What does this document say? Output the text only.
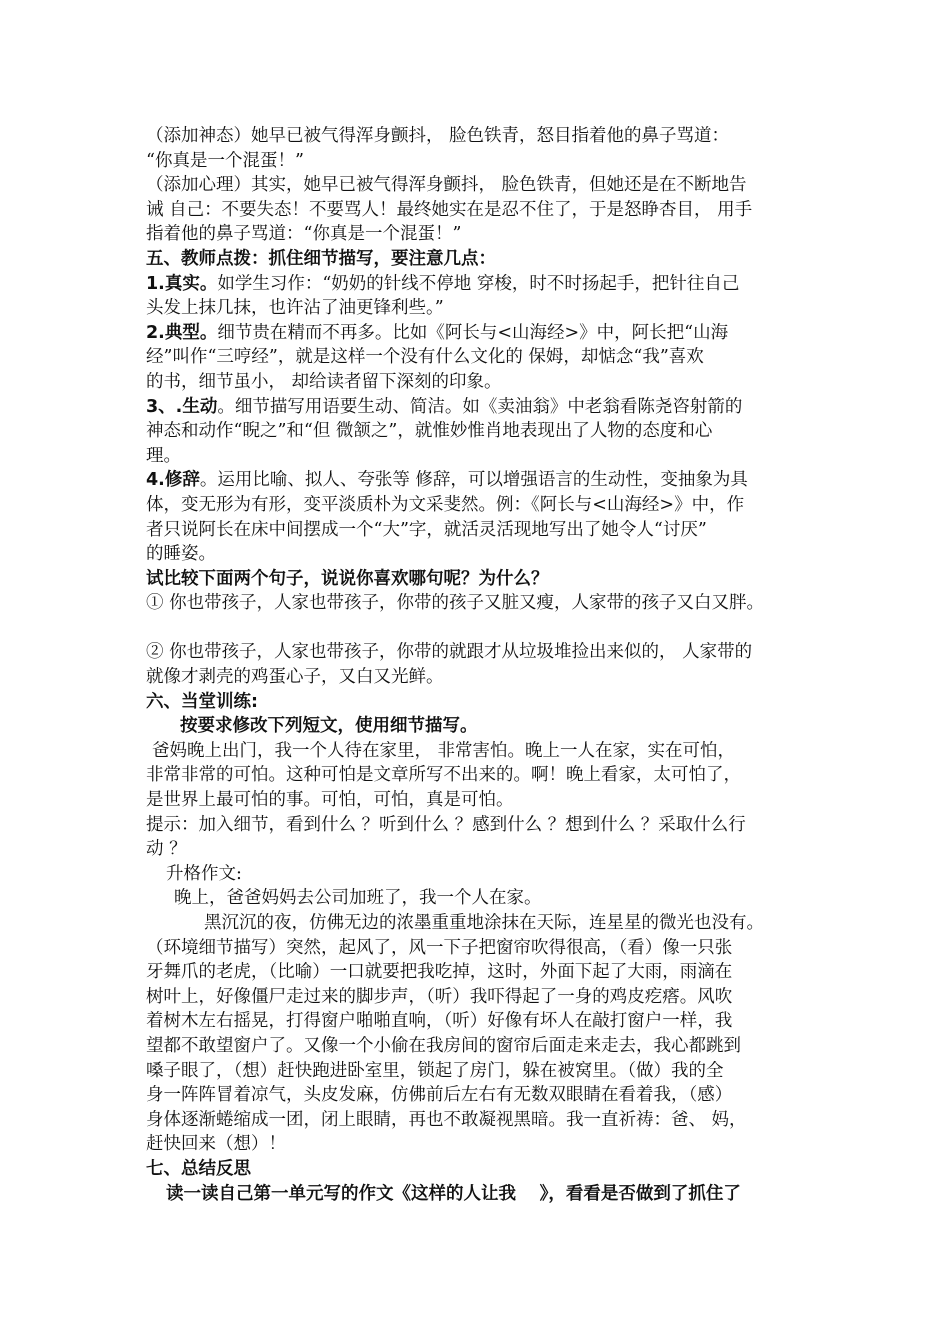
（添加神态）她早已被气得浑身颤抖， 脸色铁青，怒目指着他的鼻子骂道：
“你真是一个混蛋！”
（添加心理）其实，她早已被气得浑身颤抖， 脸色铁青，但她还是在不断地告
诫 自己：不要失态！不要骂人！最终她实在是忍不住了，于是怒睁杏目， 用手
指着他的鼻子骂道：“你真是一个混蛋！”
五、教师点拨：抓住细节描写，要注意几点：
1.真实。如学生习作：“奶奶的针线不停地 穿梭，时不时扬起手，把针往自己
头发上抹几抹，也许沾了油更锋利些。”
2.典型。细节贵在精而不再多。比如《阿长与<山海经>》中，阿长把“山海
经”叫作“三哼经”，就是这样一个没有什么文化的 保姆，却惦念“我”喜欢
的书，细节虽小， 却给读者留下深刻的印象。
3、.生动。细节描写用语要生动、简洁。如《卖油翁》中老翁看陈尧咨射箭的
神态和动作“睨之”和“但 微颔之”，就惟妙惟肖地表现出了人物的态度和心
理。
4.修辞。运用比喻、拟人、夸张等 修辞，可以增强语言的生动性，变抽象为具
体，变无形为有形，变平淡质朴为文采斐然。例：《阿长与<山海经>》中，作
者只说阿长在床中间摆成一个“大”字，就活灵活现地写出了她令人“讨厌”
的睡姿。
试比较下面两个句子，说说你喜欢哪句呢？为什么？
① 你也带孩子，人家也带孩子，你带的孩子又脏又瘦，人家带的孩子又白又胖。
② 你也带孩子，人家也带孩子，你带的就跟才从垃圾堆捡出来似的， 人家带的
就像才剥壳的鸡蛋心子，又白又光鲜。
六、当堂训练:
按要求修改下列短文，使用细节描写。
爸妈晚上出门，我一个人待在家里， 非常害怕。晚上一人在家，实在可怕，
非常非常的可怕。这种可怕是文章所写不出来的。啊！晚上看家，太可怕了，
是世界上最可怕的事。可怕，可怕，真是可怕。
提示：加入细节，看到什么 ？听到什么 ？感到什么 ？想到什么 ？采取什么行
动 ？
升格作文:
晚上，爸爸妈妈去公司加班了，我一个人在家。
黑沉沉的夜，仿佛无边的浓墨重重地涂抹在天际，连星星的微光也没有。
（环境细节描写）突然，起风了，风一下子把窗帘吹得很高，（看）像一只张
牙舞爪的老虎，（比喻）一口就要把我吃掉，这时，外面下起了大雨，雨滴在
树叶上，好像僵尸走过来的脚步声，（听）我吓得起了一身的鸡皮疙瘩。风吹
着树木左右摇晃，打得窗户啪啪直响，（听）好像有坏人在敲打窗户一样，我
望都不敢望窗户了。又像一个小偷在我房间的窗帘后面走来走去，我心都跳到
嗓子眼了，（想）赶快跑进卧室里，锁起了房门，躲在被窝里。（做）我的全
身一阵阵冒着凉气，头皮发麻，仿佛前后左右有无数双眼睛在看着我，（感）
身体逐渐蜷缩成一团，闭上眼睛，再也不敢凝视黑暗。我一直祈祷：爸、 妈，
赶快回来（想）！
七、总结反思
读一读自己第一单元写的作文《这样的人让我　 》，看看是否做到了抓住了
